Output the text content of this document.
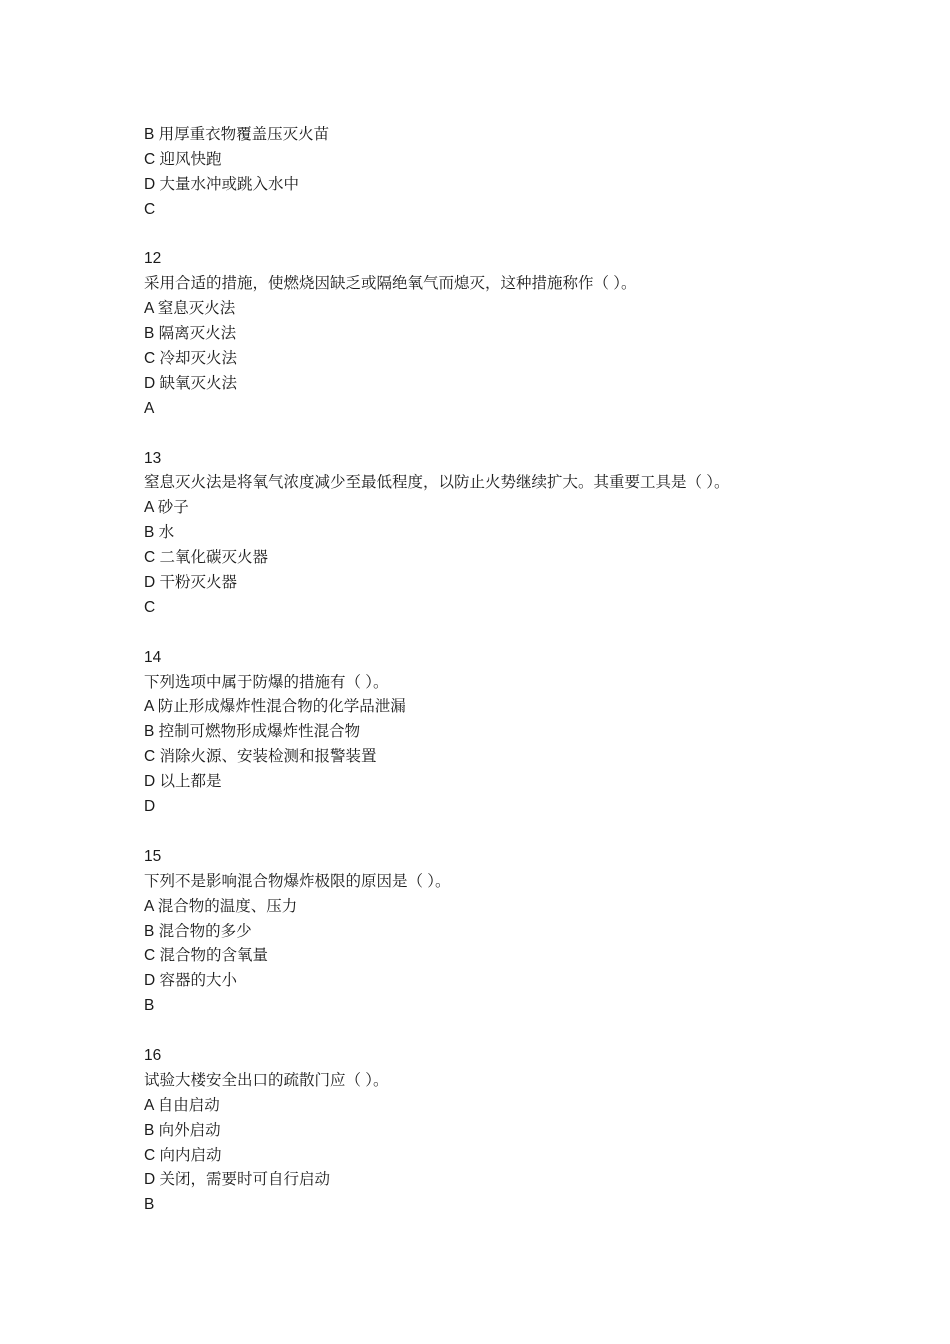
B 用厚重衣物覆盖压灭火苗
C 迎风快跑
D 大量水冲或跳入水中
C
12
采用合适的措施，使燃烧因缺乏或隔绝氧气而熄灭，这种措施称作（ ）。
A 窒息灭火法
B 隔离灭火法
C 冷却灭火法
D 缺氧灭火法
A
13
窒息灭火法是将氧气浓度减少至最低程度，以防止火势继续扩大。其重要工具是（ ）。
A 砂子
B 水
C 二氧化碳灭火器
D 干粉灭火器
C
14
下列选项中属于防爆的措施有（ ）。
A 防止形成爆炸性混合物的化学品泄漏
B 控制可燃物形成爆炸性混合物
C 消除火源、安装检测和报警装置
D 以上都是
D
15
下列不是影响混合物爆炸极限的原因是（ ）。
A 混合物的温度、压力
B 混合物的多少
C 混合物的含氧量
D 容器的大小
B
16
试验大楼安全出口的疏散门应（ ）。
A 自由启动
B 向外启动
C 向内启动
D 关闭，需要时可自行启动
B
